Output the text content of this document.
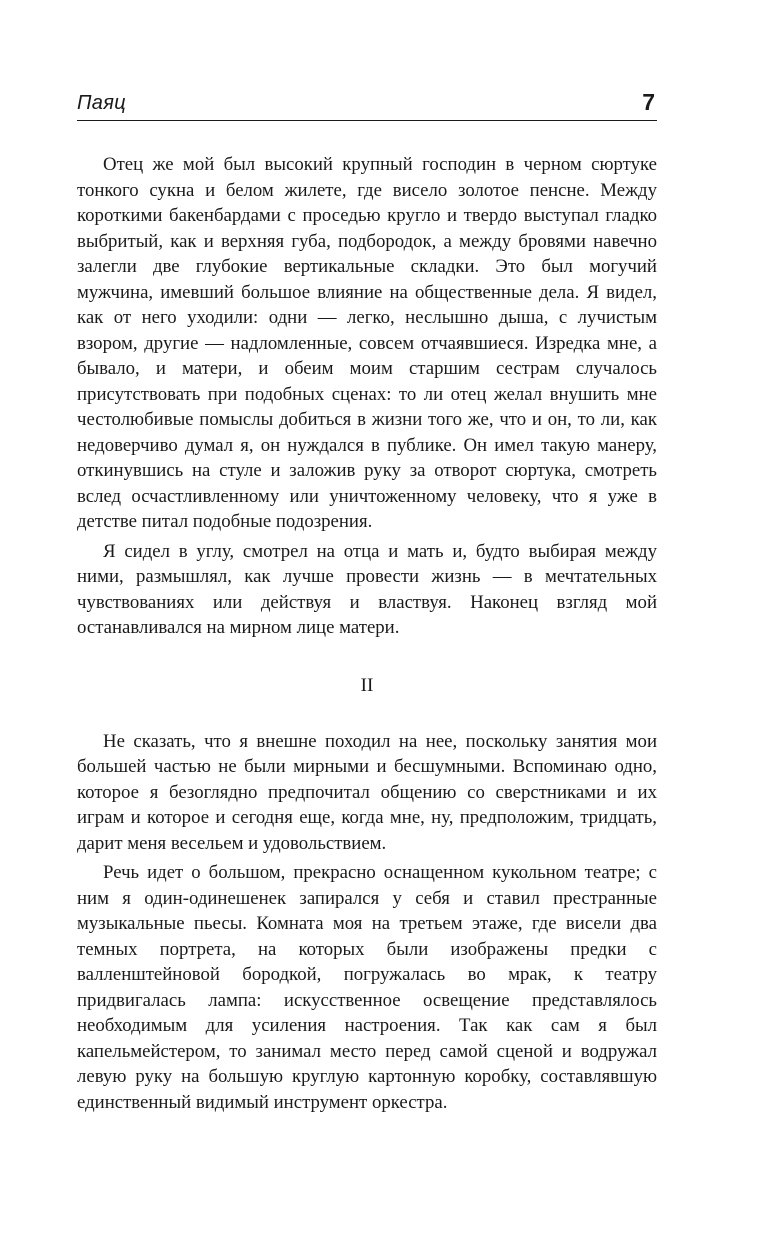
Паяц	7

Отец же мой был высокий крупный господин в черном сюртуке тонкого сукна и белом жилете, где висело золотое пенсне. Между короткими бакенбардами с проседью кругло и твердо выступал гладко выбритый, как и верхняя губа, подбородок, а между бровями навечно залегли две глубокие вертикальные складки. Это был могучий мужчина, имевший большое влияние на общественные дела. Я видел, как от него уходили: одни — легко, неслышно дыша, с лучистым взором, другие — надломленные, совсем отчаявшиеся. Изредка мне, а бывало, и матери, и обеим моим старшим сестрам случалось присутствовать при подобных сценах: то ли отец желал внушить мне честолюбивые помыслы добиться в жизни того же, что и он, то ли, как недоверчиво думал я, он нуждался в публике. Он имел такую манеру, откинувшись на стуле и заложив руку за отворот сюртука, смотреть вслед осчастливленному или уничтоженному человеку, что я уже в детстве питал подобные подозрения.

Я сидел в углу, смотрел на отца и мать и, будто выбирая между ними, размышлял, как лучше провести жизнь — в мечтательных чувствованиях или действуя и властвуя. Наконец взгляд мой останавливался на мирном лице матери.

II

Не сказать, что я внешне походил на нее, поскольку занятия мои большей частью не были мирными и бесшумными. Вспоминаю одно, которое я безоглядно предпочитал общению со сверстниками и их играм и которое и сегодня еще, когда мне, ну, предположим, тридцать, дарит меня весельем и удовольствием.

Речь идет о большом, прекрасно оснащенном кукольном театре; с ним я один-одинешенек запирался у себя и ставил престранные музыкальные пьесы. Комната моя на третьем этаже, где висели два темных портрета, на которых были изображены предки с валленштейновой бородкой, погружалась во мрак, к театру придвигалась лампа: искусственное освещение представлялось необходимым для усиления настроения. Так как сам я был капельмейстером, то занимал место перед самой сценой и водружал левую руку на большую круглую картонную коробку, составлявшую единственный видимый инструмент оркестра.
